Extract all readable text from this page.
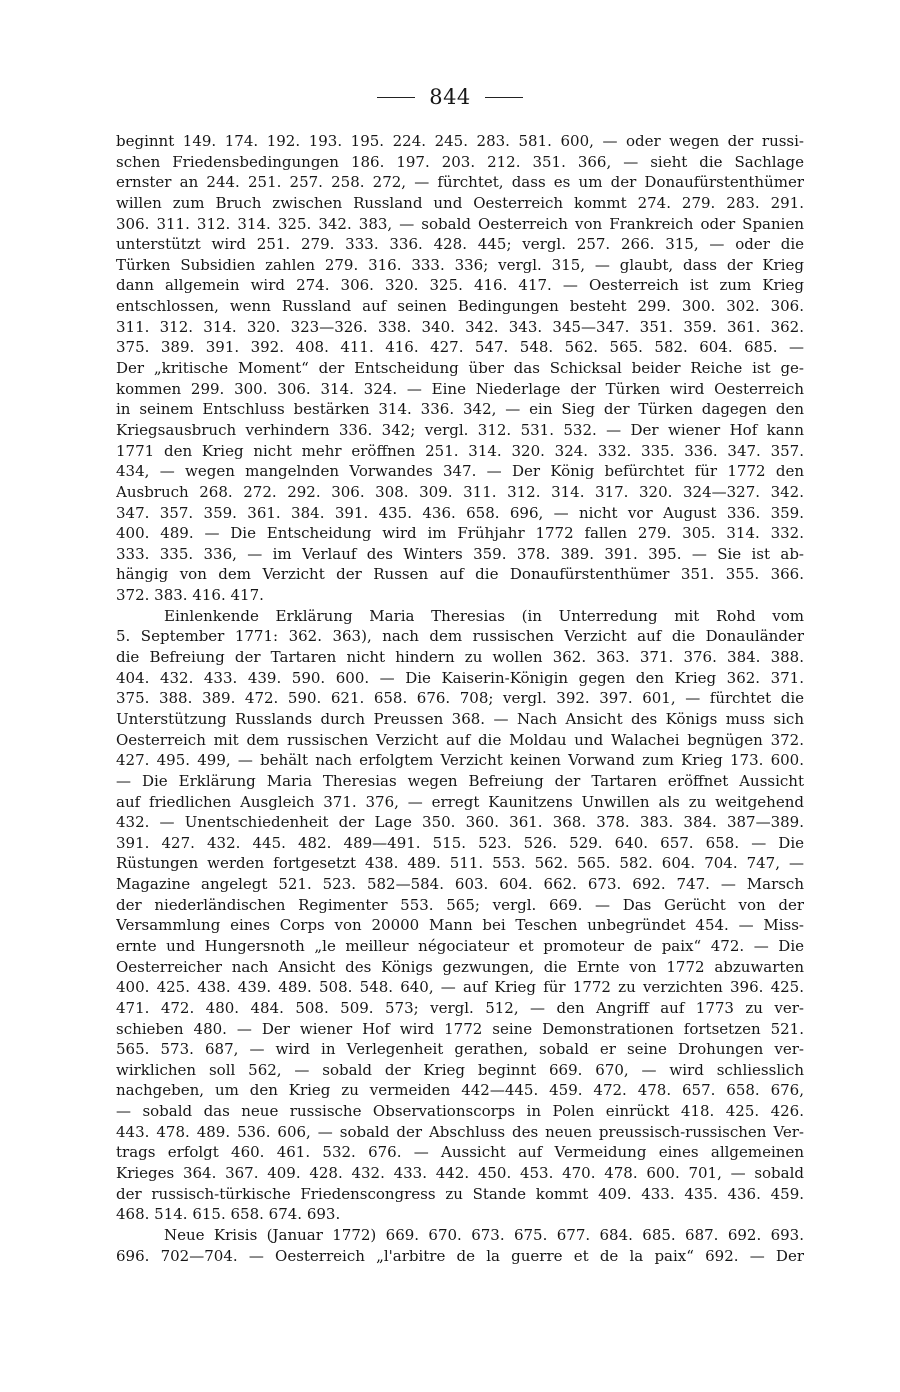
844
beginnt 149. 174. 192. 193. 195. 224. 245. 283. 581. 600, — oder wegen der russi-
schen Friedensbedingungen 186. 197. 203. 212. 351. 366, — sieht die Sachlage
ernster an 244. 251. 257. 258. 272, — fürchtet, dass es um der Donaufürstenthümer
willen zum Bruch zwischen Russland und Oesterreich kommt 274. 279. 283. 291.
306. 311. 312. 314. 325. 342. 383, — sobald Oesterreich von Frankreich oder Spanien
unterstützt wird 251. 279. 333. 336. 428. 445; vergl. 257. 266. 315, — oder die
Türken Subsidien zahlen 279. 316. 333. 336; vergl. 315, — glaubt, dass der Krieg
dann allgemein wird 274. 306. 320. 325. 416. 417. — Oesterreich ist zum Krieg
entschlossen, wenn Russland auf seinen Bedingungen besteht 299. 300. 302. 306.
311. 312. 314. 320. 323—326. 338. 340. 342. 343. 345—347. 351. 359. 361. 362.
375. 389. 391. 392. 408. 411. 416. 427. 547. 548. 562. 565. 582. 604. 685. —
Der „kritische Moment“ der Entscheidung über das Schicksal beider Reiche ist ge-
kommen 299. 300. 306. 314. 324. — Eine Niederlage der Türken wird Oesterreich
in seinem Entschluss bestärken 314. 336. 342, — ein Sieg der Türken dagegen den
Kriegsausbruch verhindern 336. 342; vergl. 312. 531. 532. — Der wiener Hof kann
1771 den Krieg nicht mehr eröffnen 251. 314. 320. 324. 332. 335. 336. 347. 357.
434, — wegen mangelnden Vorwandes 347. — Der König befürchtet für 1772 den
Ausbruch 268. 272. 292. 306. 308. 309. 311. 312. 314. 317. 320. 324—327. 342.
347. 357. 359. 361. 384. 391. 435. 436. 658. 696, — nicht vor August 336. 359.
400. 489. — Die Entscheidung wird im Frühjahr 1772 fallen 279. 305. 314. 332.
333. 335. 336, — im Verlauf des Winters 359. 378. 389. 391. 395. — Sie ist ab-
hängig von dem Verzicht der Russen auf die Donaufürstenthümer 351. 355. 366.
372. 383. 416. 417.
Einlenkende Erklärung Maria Theresias (in Unterredung mit Rohd vom
5. September 1771: 362. 363), nach dem russischen Verzicht auf die Donauländer
die Befreiung der Tartaren nicht hindern zu wollen 362. 363. 371. 376. 384. 388.
404. 432. 433. 439. 590. 600. — Die Kaiserin-Königin gegen den Krieg 362. 371.
375. 388. 389. 472. 590. 621. 658. 676. 708; vergl. 392. 397. 601, — fürchtet die
Unterstützung Russlands durch Preussen 368. — Nach Ansicht des Königs muss sich
Oesterreich mit dem russischen Verzicht auf die Moldau und Walachei begnügen 372.
427. 495. 499, — behält nach erfolgtem Verzicht keinen Vorwand zum Krieg 173. 600.
— Die Erklärung Maria Theresias wegen Befreiung der Tartaren eröffnet Aussicht
auf friedlichen Ausgleich 371. 376, — erregt Kaunitzens Unwillen als zu weitgehend
432. — Unentschiedenheit der Lage 350. 360. 361. 368. 378. 383. 384. 387—389.
391. 427. 432. 445. 482. 489—491. 515. 523. 526. 529. 640. 657. 658. — Die
Rüstungen werden fortgesetzt 438. 489. 511. 553. 562. 565. 582. 604. 704. 747, —
Magazine angelegt 521. 523. 582—584. 603. 604. 662. 673. 692. 747. — Marsch
der niederländischen Regimenter 553. 565; vergl. 669. — Das Gerücht von der
Versammlung eines Corps von 20000 Mann bei Teschen unbegründet 454. — Miss-
ernte und Hungersnoth „le meilleur négociateur et promoteur de paix“ 472. — Die
Oesterreicher nach Ansicht des Königs gezwungen, die Ernte von 1772 abzuwarten
400. 425. 438. 439. 489. 508. 548. 640, — auf Krieg für 1772 zu verzichten 396. 425.
471. 472. 480. 484. 508. 509. 573; vergl. 512, — den Angriff auf 1773 zu ver-
schieben 480. — Der wiener Hof wird 1772 seine Demonstrationen fortsetzen 521.
565. 573. 687, — wird in Verlegenheit gerathen, sobald er seine Drohungen ver-
wirklichen soll 562, — sobald der Krieg beginnt 669. 670, — wird schliesslich
nachgeben, um den Krieg zu vermeiden 442—445. 459. 472. 478. 657. 658. 676,
— sobald das neue russische Observationscorps in Polen einrückt 418. 425. 426.
443. 478. 489. 536. 606, — sobald der Abschluss des neuen preussisch-russischen Ver-
trags erfolgt 460. 461. 532. 676. — Aussicht auf Vermeidung eines allgemeinen
Krieges 364. 367. 409. 428. 432. 433. 442. 450. 453. 470. 478. 600. 701, — sobald
der russisch-türkische Friedenscongress zu Stande kommt 409. 433. 435. 436. 459.
468. 514. 615. 658. 674. 693.
Neue Krisis (Januar 1772) 669. 670. 673. 675. 677. 684. 685. 687. 692. 693.
696. 702—704. — Oesterreich „l'arbitre de la guerre et de la paix“ 692. — Der
